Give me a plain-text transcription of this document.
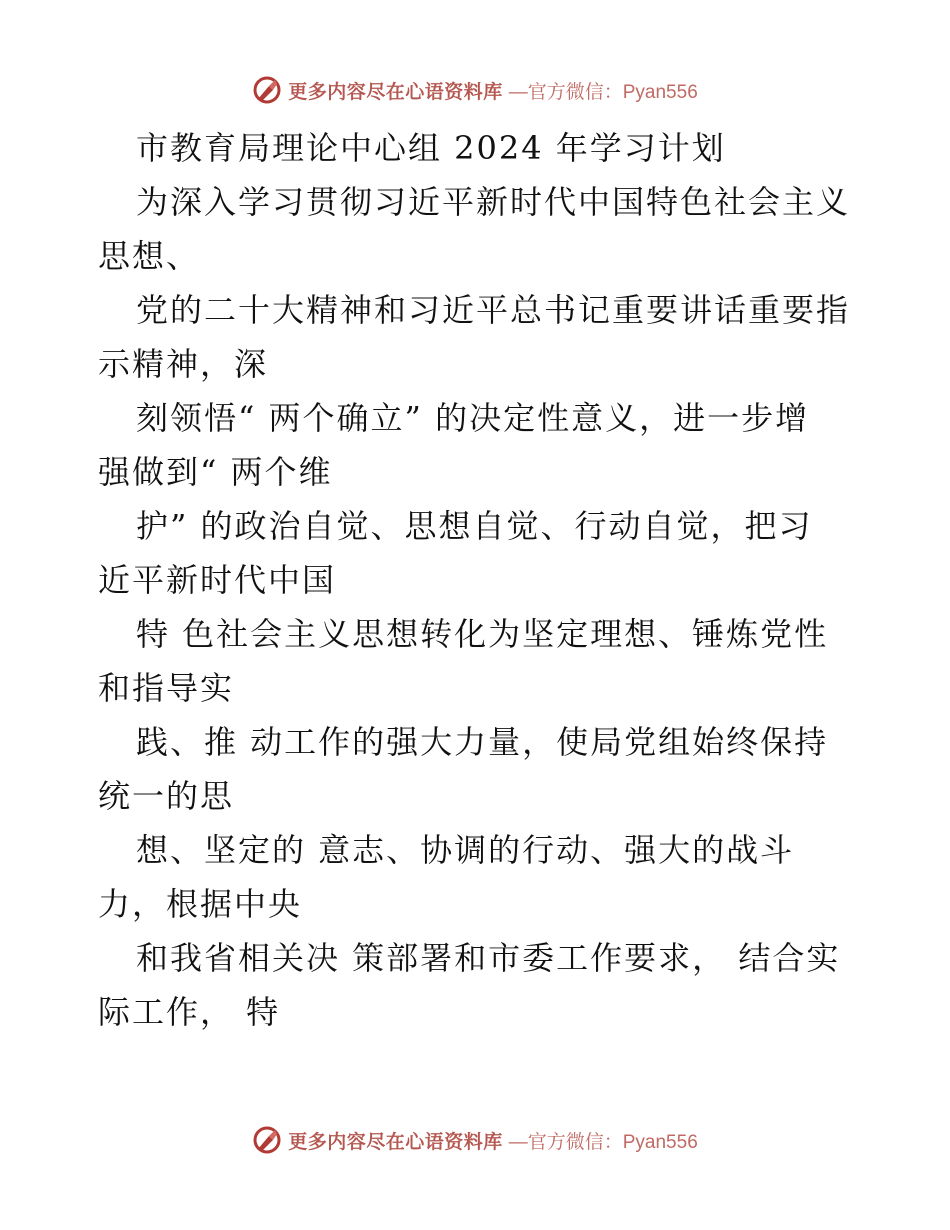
更多内容尽在心语资料库 —官方微信：Pyan556
市教育局理论中心组 2024 年学习计划
为深入学习贯彻习近平新时代中国特色社会主义
思想、
党的二十大精神和习近平总书记重要讲话重要指
示精神，深
刻领悟“ 两个确立” 的决定性意义，进一步增
强做到“ 两个维
护” 的政治自觉、思想自觉、行动自觉，把习
近平新时代中国
特 色社会主义思想转化为坚定理想、锤炼党性
和指导实
践、推 动工作的强大力量，使局党组始终保持
统一的思
想、坚定的 意志、协调的行动、强大的战斗
力，根据中央
和我省相关决 策部署和市委工作要求， 结合实
际工作， 特
更多内容尽在心语资料库 —官方微信：Pyan556
